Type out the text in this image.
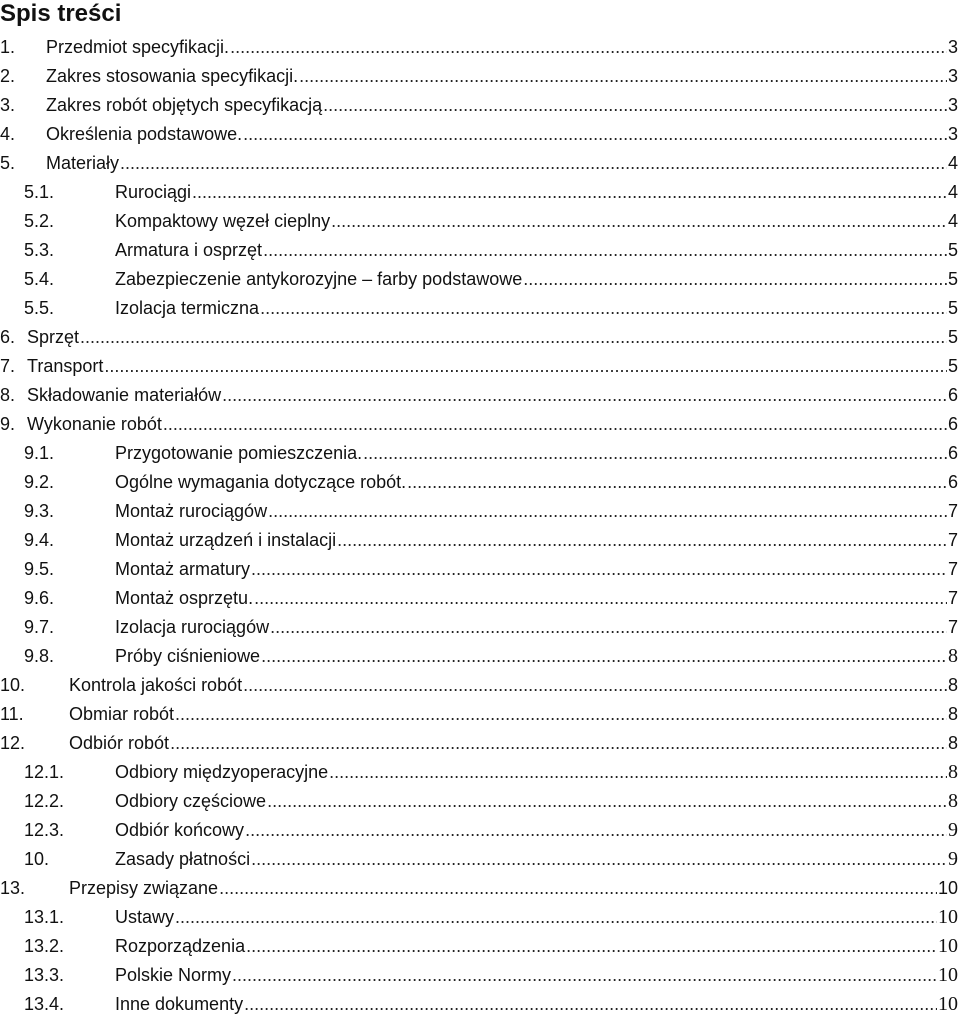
Spis treści
1. Przedmiot specyfikacji. .....	3
2. Zakres stosowania specyfikacji. .....	3
3. Zakres robót objętych specyfikacją .....	3
4. Określenia podstawowe. .....	3
5. Materiały .....	4
5.1.	Rurociągi .....	4
5.2.	Kompaktowy węzeł cieplny .....	4
5.3.	Armatura i osprzęt .....	5
5.4.	Zabezpieczenie antykorozyjne – farby podstawowe .....	5
5.5.	Izolacja termiczna .....	5
6. Sprzęt .....	5
7. Transport .....	5
8. Składowanie materiałów .....	6
9. Wykonanie robót .....	6
9.1.	Przygotowanie pomieszczenia. .....	6
9.2.	Ogólne wymagania dotyczące robót. .....	6
9.3.	Montaż rurociągów .....	7
9.4.	Montaż urządzeń i instalacji .....	7
9.5.	Montaż armatury .....	7
9.6.	Montaż osprzętu. .....	7
9.7.	Izolacja rurociągów .....	7
9.8.	Próby ciśnieniowe .....	8
10. Kontrola jakości robót .....	8
11.	Obmiar robót .....	8
12. Odbiór robót .....	8
12.1.	Odbiory międzyoperacyjne .....	8
12.2.	Odbiory częściowe .....	8
12.3.	Odbiór końcowy .....	9
10.	Zasady płatności .....	9
13. Przepisy związane .....	10
13.1.	Ustawy .....	10
13.2.	Rozporządzenia .....	10
13.3.	Polskie Normy .....	10
13.4.	Inne dokumenty .....	10
